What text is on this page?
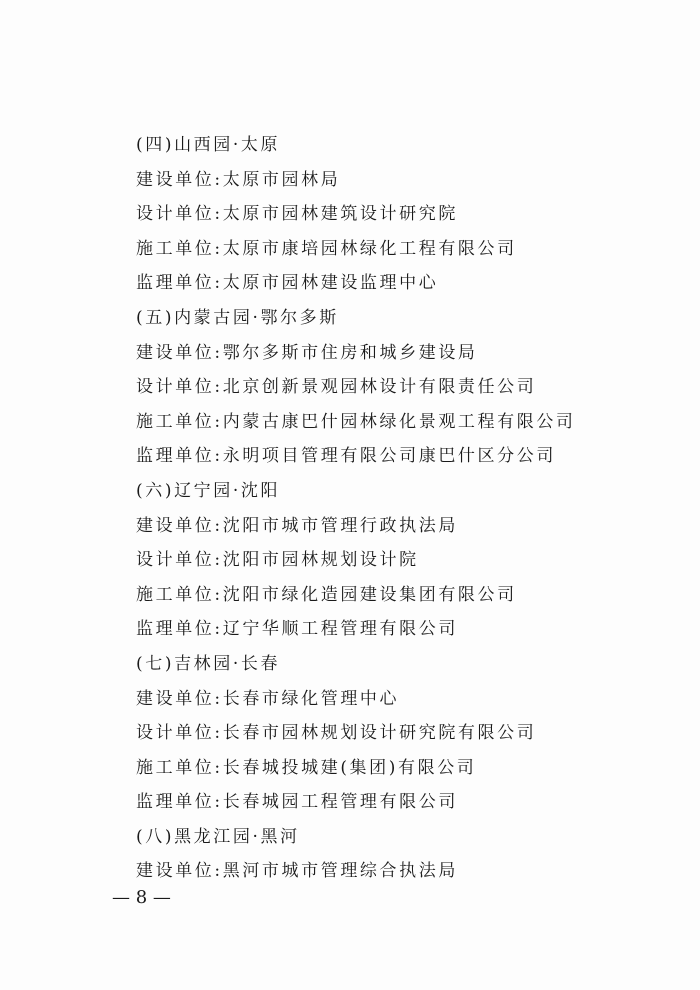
(四)山西园·太原
建设单位:太原市园林局
设计单位:太原市园林建筑设计研究院
施工单位:太原市康培园林绿化工程有限公司
监理单位:太原市园林建设监理中心
(五)内蒙古园·鄂尔多斯
建设单位:鄂尔多斯市住房和城乡建设局
设计单位:北京创新景观园林设计有限责任公司
施工单位:内蒙古康巴什园林绿化景观工程有限公司
监理单位:永明项目管理有限公司康巴什区分公司
(六)辽宁园·沈阳
建设单位:沈阳市城市管理行政执法局
设计单位:沈阳市园林规划设计院
施工单位:沈阳市绿化造园建设集团有限公司
监理单位:辽宁华顺工程管理有限公司
(七)吉林园·长春
建设单位:长春市绿化管理中心
设计单位:长春市园林规划设计研究院有限公司
施工单位:长春城投城建(集团)有限公司
监理单位:长春城园工程管理有限公司
(八)黑龙江园·黑河
建设单位:黑河市城市管理综合执法局
— 8 —
